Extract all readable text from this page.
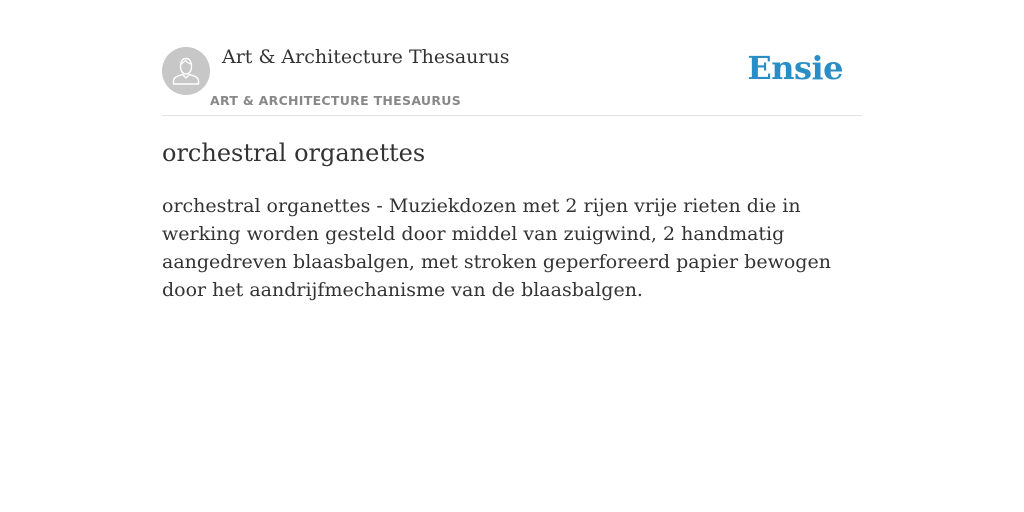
Art & Architecture Thesaurus
ART & ARCHITECTURE THESAURUS
Ensie
orchestral organettes

orchestral organettes - Muziekdozen met 2 rijen vrije rieten die in werking worden gesteld door middel van zuigwind, 2 handmatig aangedreven blaasbalgen, met stroken geperforeerd papier bewogen door het aandrijfmechanisme van de blaasbalgen.
